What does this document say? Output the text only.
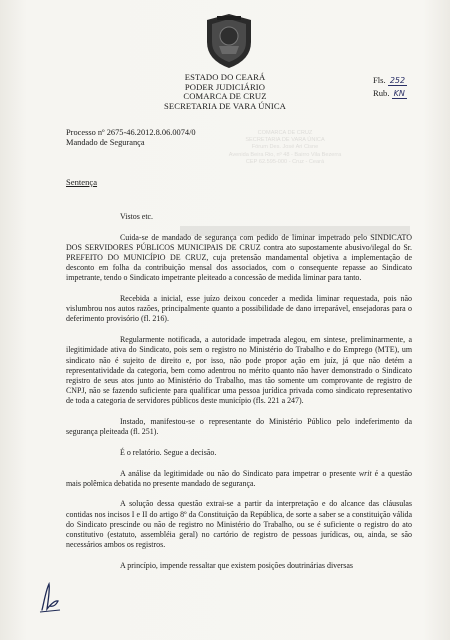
ESTADO DO CEARÁ
PODER JUDICIÁRIO
COMARCA DE CRUZ
SECRETARIA DE VARA ÚNICA
Fls. 252
Rub. KN
COMARCA DE CRUZ
SECRETARIA DE VARA ÚNICA
Fórum Des. José Ari Cisne
Avenida Beira Rio, nº 48 - Bairro Vila Bezerra
CEP 62.595-000 - Cruz - Ceará
Processo nº 2675-46.2012.8.06.0074/0
Mandado de Segurança
Sentença

Vistos etc.

Cuida-se de mandado de segurança com pedido de liminar impetrado pelo SINDICATO DOS SERVIDORES PÚBLICOS MUNICIPAIS DE CRUZ contra ato supostamente abusivo/ilegal do Sr. PREFEITO DO MUNICÍPIO DE CRUZ, cuja pretensão mandamental objetiva a implementação de desconto em folha da contribuição mensal dos associados, com o consequente repasse ao Sindicato impetrante, tendo o Sindicato impetrante pleiteado a concessão de medida liminar para tanto.

Recebida a inicial, esse juízo deixou conceder a medida liminar requestada, pois não vislumbrou nos autos razões, principalmente quanto a possibilidade de dano irreparável, ensejadoras para o deferimento provisório (fl. 216).

Regularmente notificada, a autoridade impetrada alegou, em sintese, preliminarmente, a ilegitimidade ativa do Sindicato, pois sem o registro no Ministério do Trabalho e do Emprego (MTE), um sindicato não é sujeito de direito e, por isso, não pode propor ação em juíz, já que não detém a representatividade da categoria, bem como adentrou no mérito quanto não haver demonstrado o Sindicato registro de seus atos junto ao Ministério do Trabalho, mas tão somente um comprovante de registro de CNPJ, não se fazendo suficiente para qualificar uma pessoa jurídica privada como sindicato representativo de toda a categoria de servidores públicos deste município (fls. 221 a 247).

Instado, manifestou-se o representante do Ministério Público pelo indeferimento da segurança pleiteada (fl. 251).

É o relatório. Segue a decisão.

A análise da legitimidade ou não do Sindicato para impetrar o presente writ é a questão mais polêmica debatida no presente mandado de segurança.

A solução dessa questão extrai-se a partir da interpretação e do alcance das cláusulas contidas nos incisos I e II do artigo 8º da Constituição da República, de sorte a saber se a constituição válida do Sindicato prescinde ou não de registro no Ministério do Trabalho, ou se é suficiente o registro do ato constitutivo (estatuto, assembléia geral) no cartório de registro de pessoas jurídicas, ou, ainda, se são necessários ambos os registros.

A princípio, impende ressaltar que existem posições doutrinárias diversas
